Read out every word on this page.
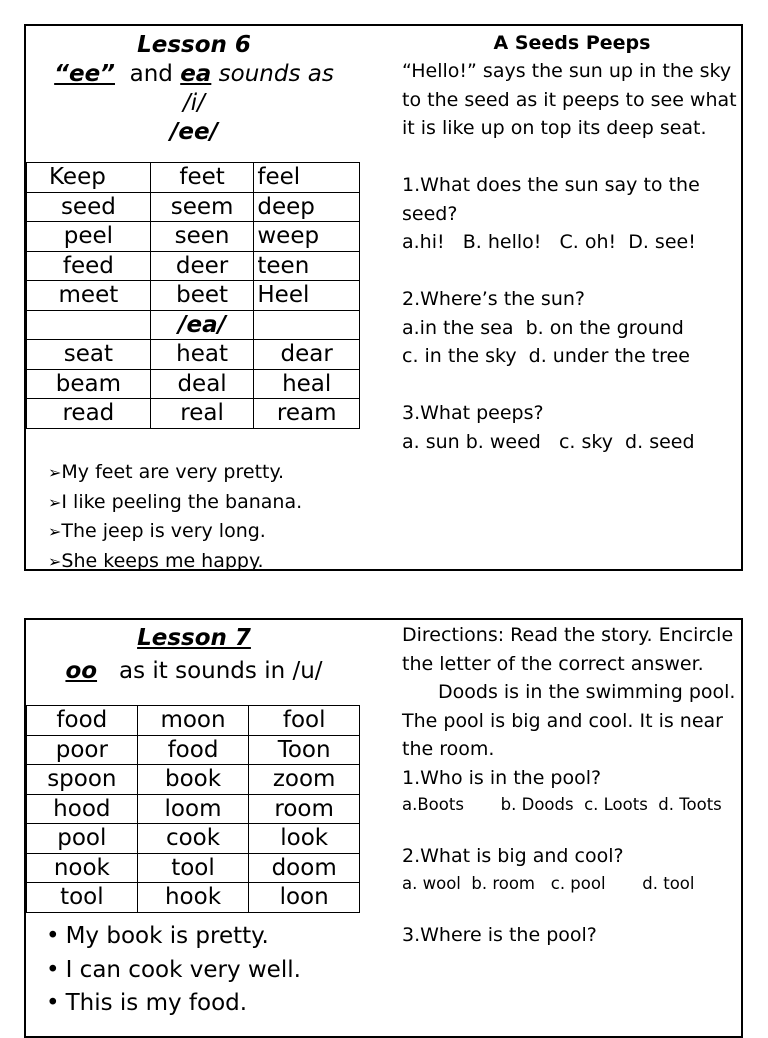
Lesson 6
“ee” and ea sounds as
/i/
/ee/
Keep	feet	feel
seed	seem	deep
peel	seen	weep
feed	deer	teen
meet	beet	Heel
	/ea/	
seat	heat	dear
beam	deal	heal
read	real	ream
➢ My feet are very pretty.
➢ I like peeling the banana.
➢ The jeep is very long.
➢ She keeps me happy.
A Seeds Peeps

“Hello!” says the sun up in the sky to the seed as it peeps to see what it is like up on top its deep seat.

1.What does the sun say to the seed?

a.hi!   B. hello!   C. oh!  D. see!

2.Where’s the sun?

a.in the sea  b. on the ground

c. in the sky  d. under the tree

3.What peeps?

a. sun b. weed   c. sky  d. seed

Lesson 7
oo as it sounds in /u/
food	moon	fool
poor	food	Toon
spoon	book	zoom
hood	loom	room
pool	cook	look
nook	tool	doom
tool	hook	loon
• My book is pretty.
• I can cook very well.
• This is my food.

Directions: Read the story. Encircle the letter of the correct answer.

Doods is in the swimming pool. The pool is big and cool. It is near the room.

1.Who is in the pool?

a.Boots       b. Doods  c. Loots  d. Toots

2.What is big and cool?

a. wool  b. room   c. pool       d. tool

3.Where is the pool?
